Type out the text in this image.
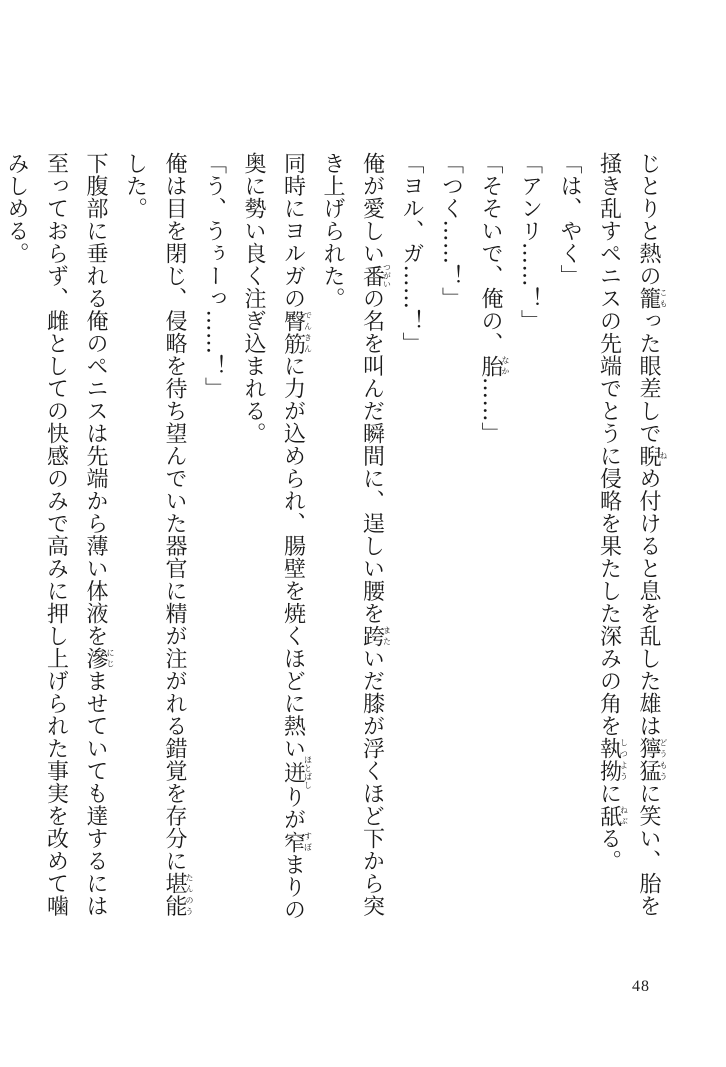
じとりと熱の籠こもった眼差しで睨ねめ付けると息を乱した雄は獰猛どうもうに笑い、胎を掻き乱すペニスの先端でとうに侵略を果たした深みの角を執拗しつように舐ねぶる。

「は、やく」

「アンリ……！」

「そそいで、俺の、胎なか……」

「つく……！」

「ヨル、ガ……！」

俺が愛しい番つがいの名を叫んだ瞬間に、逞しい腰を跨またいだ膝が浮くほど下から突き上げられた。

同時にヨルガの臀筋でんきんに力が込められ、腸壁を焼くほどに熱い迸ほとばしりが窄すぼまりの奥に勢い良く注ぎ込まれる。

「う、うぅーっ……！」

俺は目を閉じ、侵略を待ち望んでいた器官に精が注がれる錯覚を存分に堪能たんのうした。

下腹部に垂れる俺のペニスは先端から薄い体液を滲にじませていても達するには至っておらず、雌としての快感のみで高みに押し上げられた事実を改めて噛みしめる。

48
